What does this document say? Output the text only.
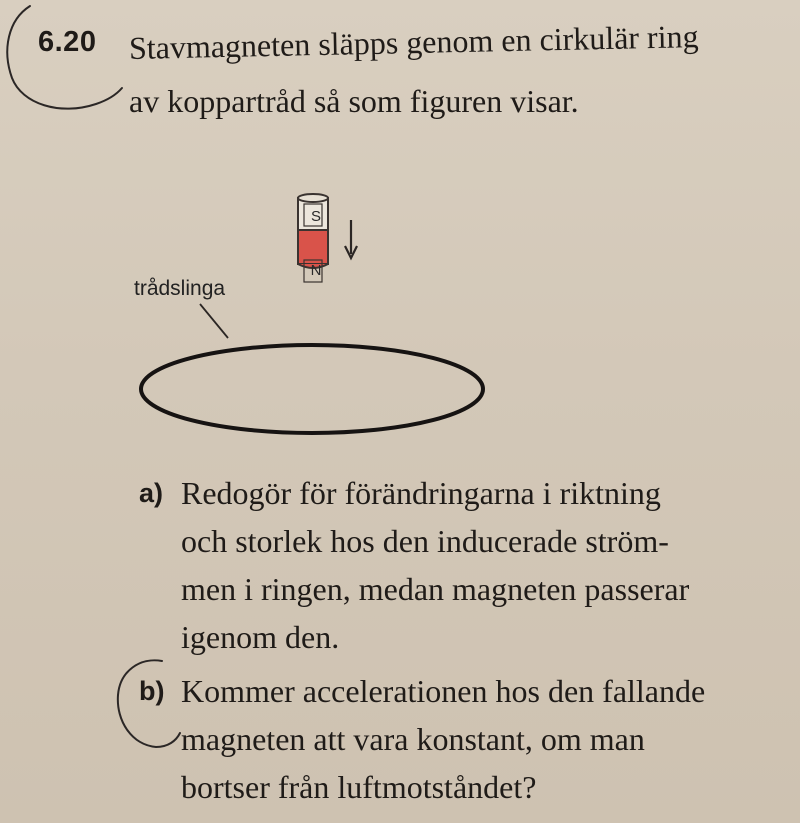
6.20 Stavmagneten släpps genom en cirkulär ring
av koppartråd så som figuren visar.
trådslinga
S
N
a) Redogör för förändringarna i riktning
och storlek hos den inducerade ström-
men i ringen, medan magneten passerar
igenom den.
b) Kommer accelerationen hos den fallande
magneten att vara konstant, om man
bortser från luftmotståndet?
